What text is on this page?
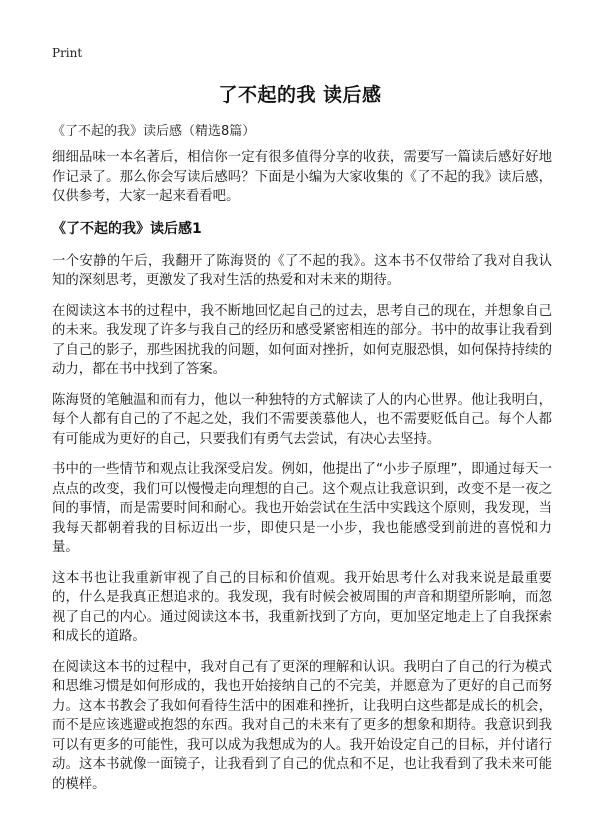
Print
了不起的我 读后感
《了不起的我》读后感（精选8篇）

细细品味一本名著后，相信你一定有很多值得分享的收获，需要写一篇读后感好好地作记录了。那么你会写读后感吗？下面是小编为大家收集的《了不起的我》读后感，仅供参考，大家一起来看看吧。

《了不起的我》读后感1

一个安静的午后，我翻开了陈海贤的《了不起的我》。这本书不仅带给了我对自我认知的深刻思考，更激发了我对生活的热爱和对未来的期待。

在阅读这本书的过程中，我不断地回忆起自己的过去，思考自己的现在，并想象自己的未来。我发现了许多与我自己的经历和感受紧密相连的部分。书中的故事让我看到了自己的影子，那些困扰我的问题，如何面对挫折，如何克服恐惧，如何保持持续的动力，都在书中找到了答案。

陈海贤的笔触温和而有力，他以一种独特的方式解读了人的内心世界。他让我明白，每个人都有自己的了不起之处，我们不需要羡慕他人，也不需要贬低自己。每个人都有可能成为更好的自己，只要我们有勇气去尝试，有决心去坚持。

书中的一些情节和观点让我深受启发。例如，他提出了“小步子原理”，即通过每天一点点的改变，我们可以慢慢走向理想的自己。这个观点让我意识到，改变不是一夜之间的事情，而是需要时间和耐心。我也开始尝试在生活中实践这个原则，我发现，当我每天都朝着我的目标迈出一步，即使只是一小步，我也能感受到前进的喜悦和力量。

这本书也让我重新审视了自己的目标和价值观。我开始思考什么对我来说是最重要的，什么是我真正想追求的。我发现，我有时候会被周围的声音和期望所影响，而忽视了自己的内心。通过阅读这本书，我重新找到了方向，更加坚定地走上了自我探索和成长的道路。

在阅读这本书的过程中，我对自己有了更深的理解和认识。我明白了自己的行为模式和思维习惯是如何形成的，我也开始接纳自己的不完美，并愿意为了更好的自己而努力。这本书教会了我如何看待生活中的困难和挫折，让我明白这些都是成长的机会，而不是应该逃避或抱怨的东西。我对自己的未来有了更多的想象和期待。我意识到我可以有更多的可能性，我可以成为我想成为的人。我开始设定自己的目标，并付诸行动。这本书就像一面镜子，让我看到了自己的优点和不足，也让我看到了我未来可能的模样。
